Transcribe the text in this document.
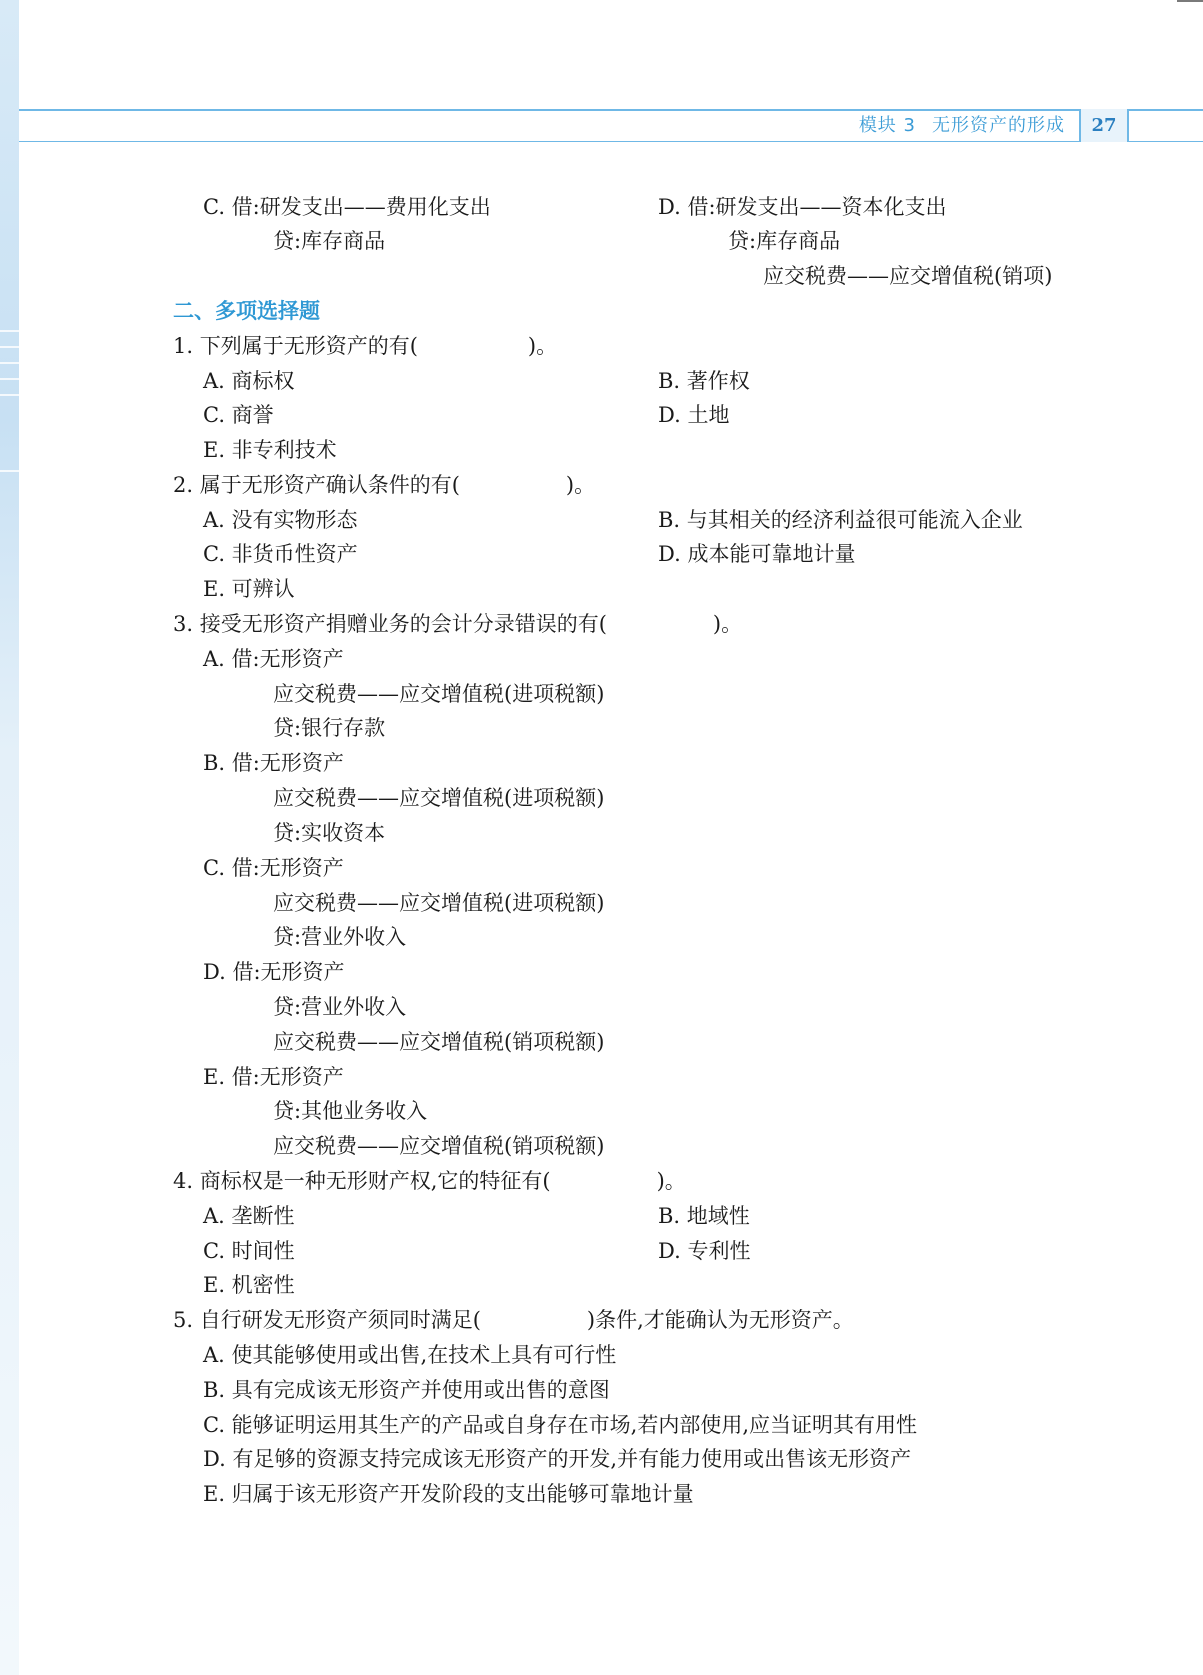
模块 3 无形资产的形成	27
C. 借:研发支出——费用化支出
贷:库存商品
D. 借:研发支出——资本化支出
贷:库存商品
应交税费——应交增值税(销项)
二、多项选择题
1. 下列属于无形资产的有(	)。
A. 商标权	B. 著作权
C. 商誉	D. 土地
E. 非专利技术
2. 属于无形资产确认条件的有(	)。
A. 没有实物形态	B. 与其相关的经济利益很可能流入企业
C. 非货币性资产	D. 成本能可靠地计量
E. 可辨认
3. 接受无形资产捐赠业务的会计分录错误的有(	)。
A. 借:无形资产
应交税费——应交增值税(进项税额)
贷:银行存款
B. 借:无形资产
应交税费——应交增值税(进项税额)
贷:实收资本
C. 借:无形资产
应交税费——应交增值税(进项税额)
贷:营业外收入
D. 借:无形资产
贷:营业外收入
应交税费——应交增值税(销项税额)
E. 借:无形资产
贷:其他业务收入
应交税费——应交增值税(销项税额)
4. 商标权是一种无形财产权,它的特征有(	)。
A. 垄断性	B. 地域性
C. 时间性	D. 专利性
E. 机密性
5. 自行研发无形资产须同时满足(	)条件,才能确认为无形资产。
A. 使其能够使用或出售,在技术上具有可行性
B. 具有完成该无形资产并使用或出售的意图
C. 能够证明运用其生产的产品或自身存在市场,若内部使用,应当证明其有用性
D. 有足够的资源支持完成该无形资产的开发,并有能力使用或出售该无形资产
E. 归属于该无形资产开发阶段的支出能够可靠地计量
